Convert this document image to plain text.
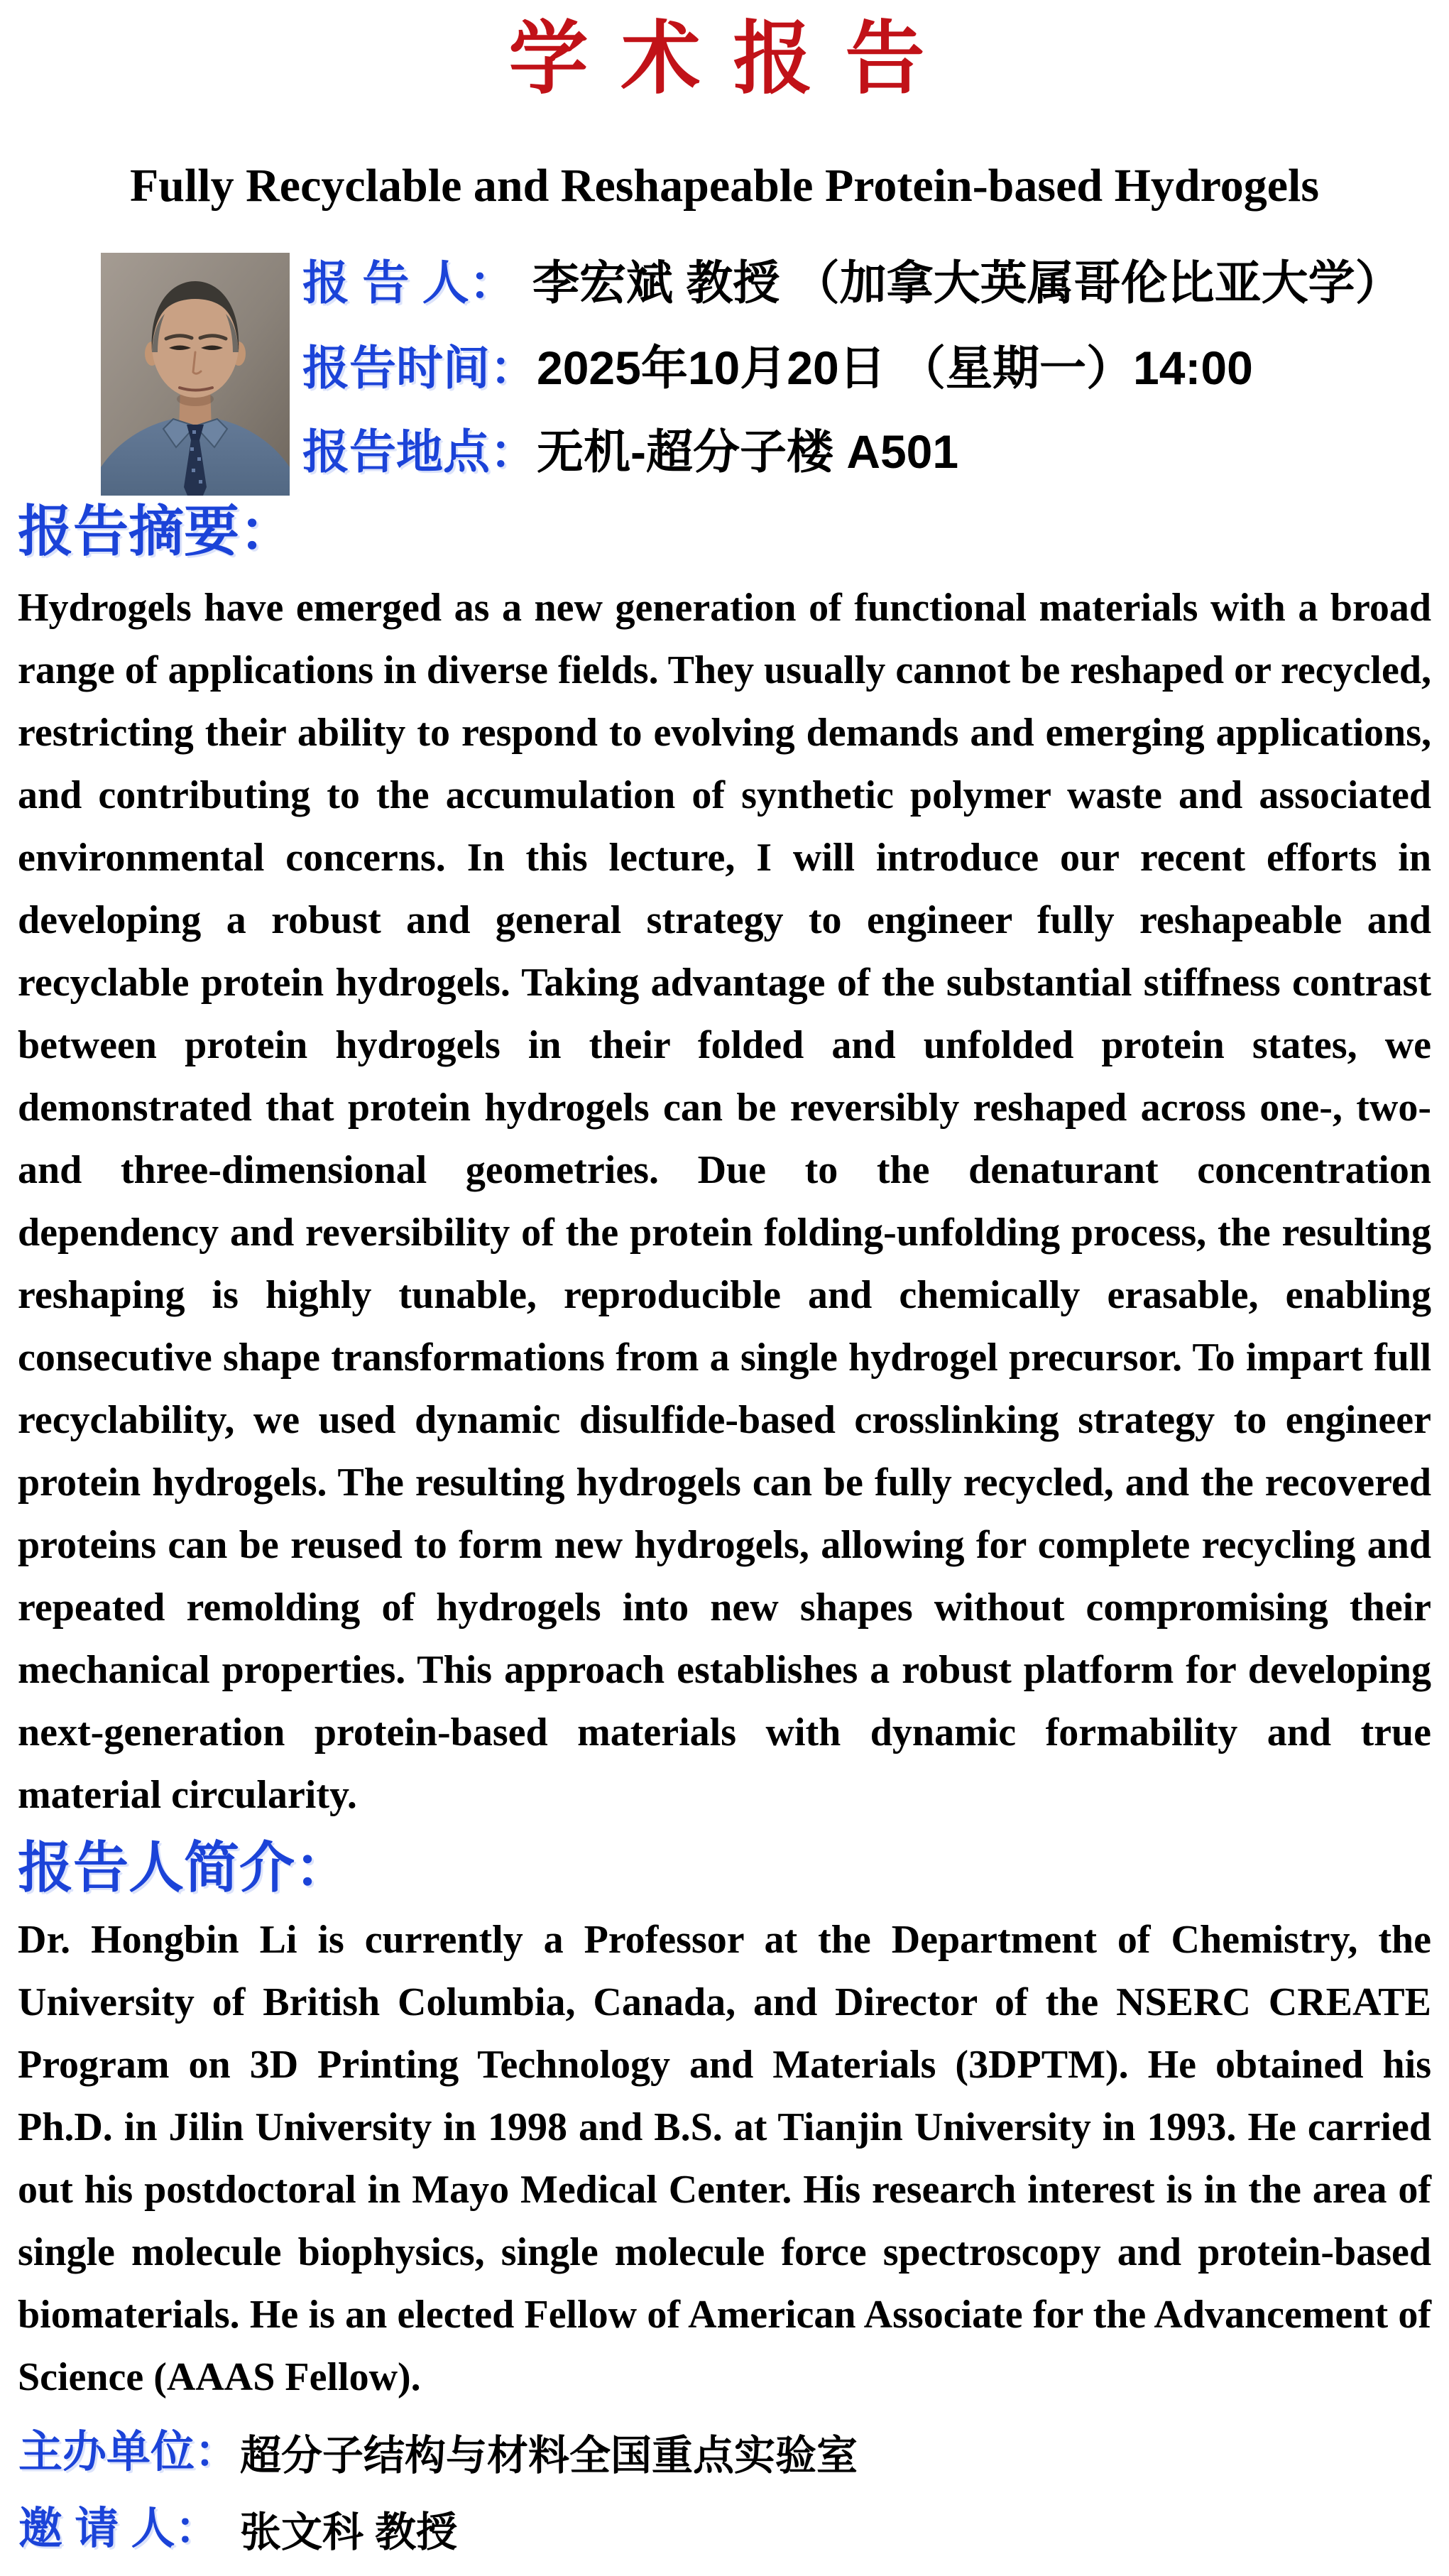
学术报告
Fully Recyclable and Reshapeable Protein-based Hydrogels
报 告 人： 李宏斌 教授 （加拿大英属哥伦比亚大学）
报告时间： 2025年10月20日 （星期一）14:00
报告地点： 无机-超分子楼 A501
报告摘要：

Hydrogels have emerged as a new generation of functional materials with a broad range of applications in diverse fields. They usually cannot be reshaped or recycled, restricting their ability to respond to evolving demands and emerging applications, and contributing to the accumulation of synthetic polymer waste and associated environmental concerns. In this lecture, I will introduce our recent efforts in developing a robust and general strategy to engineer fully reshapeable and recyclable protein hydrogels. Taking advantage of the substantial stiffness contrast between protein hydrogels in their folded and unfolded protein states, we demonstrated that protein hydrogels can be reversibly reshaped across one-, two- and three-dimensional geometries. Due to the denaturant concentration dependency and reversibility of the protein folding-unfolding process, the resulting reshaping is highly tunable, reproducible and chemically erasable, enabling consecutive shape transformations from a single hydrogel precursor. To impart full recyclability, we used dynamic disulfide-based crosslinking strategy to engineer protein hydrogels. The resulting hydrogels can be fully recycled, and the recovered proteins can be reused to form new hydrogels, allowing for complete recycling and repeated remolding of hydrogels into new shapes without compromising their mechanical properties. This approach establishes a robust platform for developing next-generation protein-based materials with dynamic formability and true material circularity.

报告人简介：

Dr. Hongbin Li is currently a Professor at the Department of Chemistry, the University of British Columbia, Canada, and Director of the NSERC CREATE Program on 3D Printing Technology and Materials (3DPTM). He obtained his Ph.D. in Jilin University in 1998 and B.S. at Tianjin University in 1993. He carried out his postdoctoral in Mayo Medical Center. His research interest is in the area of single molecule biophysics, single molecule force spectroscopy and protein-based biomaterials. He is an elected Fellow of American Associate for the Advancement of Science (AAAS Fellow).

主办单位： 超分子结构与材料全国重点实验室
邀 请 人： 张文科 教授
